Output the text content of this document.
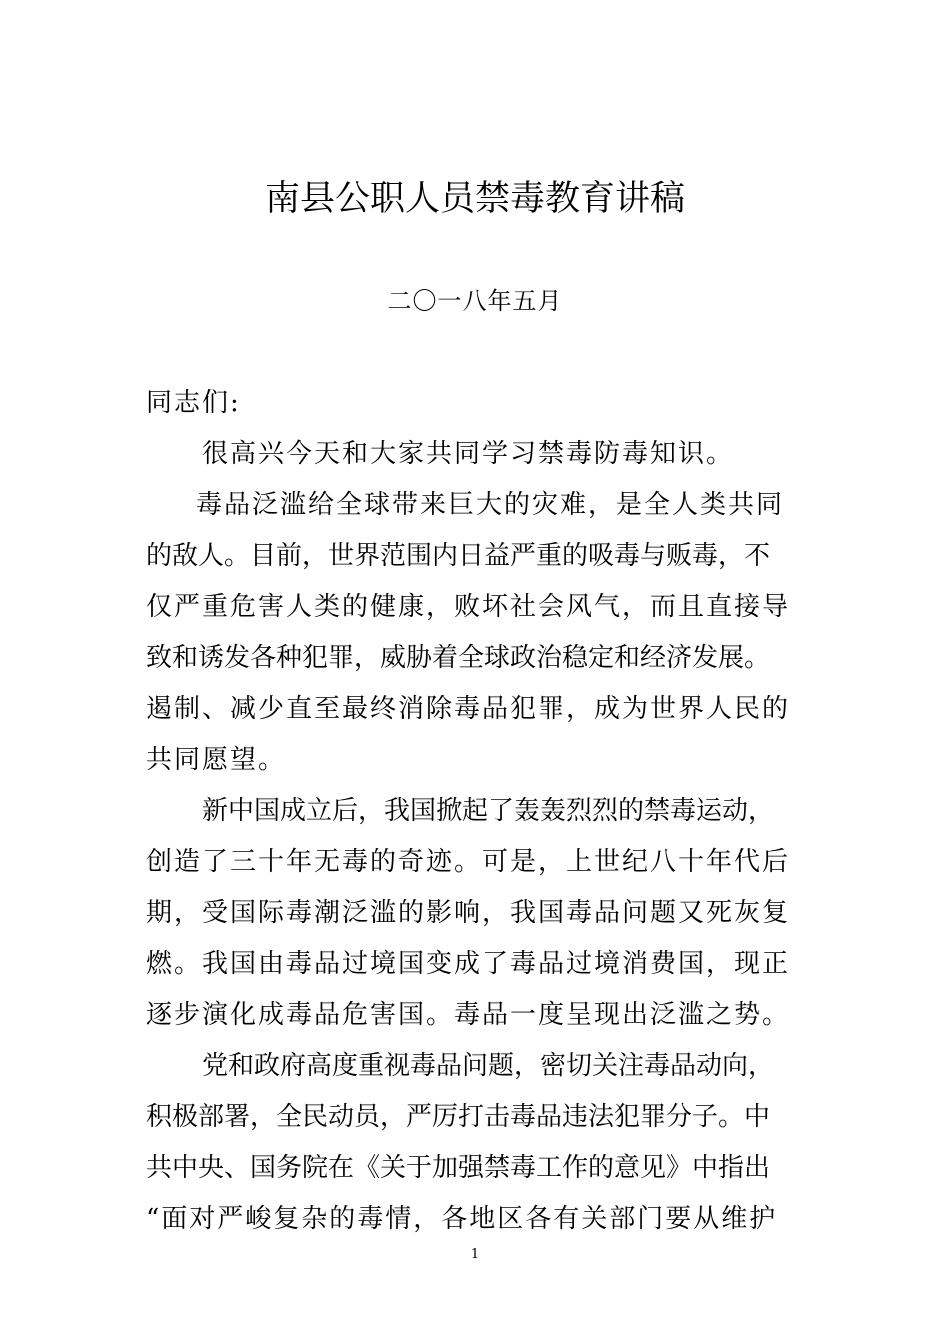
南县公职人员禁毒教育讲稿
二〇一八年五月
同志们:
很高兴今天和大家共同学习禁毒防毒知识。
毒品泛滥给全球带来巨大的灾难，是全人类共同
的敌人。目前，世界范围内日益严重的吸毒与贩毒，不
仅严重危害人类的健康，败坏社会风气，而且直接导
致和诱发各种犯罪，威胁着全球政治稳定和经济发展。
遏制、减少直至最终消除毒品犯罪，成为世界人民的
共同愿望。
新中国成立后，我国掀起了轰轰烈烈的禁毒运动，
创造了三十年无毒的奇迹。可是，上世纪八十年代后
期，受国际毒潮泛滥的影响，我国毒品问题又死灰复
燃。我国由毒品过境国变成了毒品过境消费国，现正
逐步演化成毒品危害国。毒品一度呈现出泛滥之势。
党和政府高度重视毒品问题，密切关注毒品动向，
积极部署，全民动员，严厉打击毒品违法犯罪分子。中
共中央、国务院在《关于加强禁毒工作的意见》中指出
“面对严峻复杂的毒情，各地区各有关部门要从维护
1
